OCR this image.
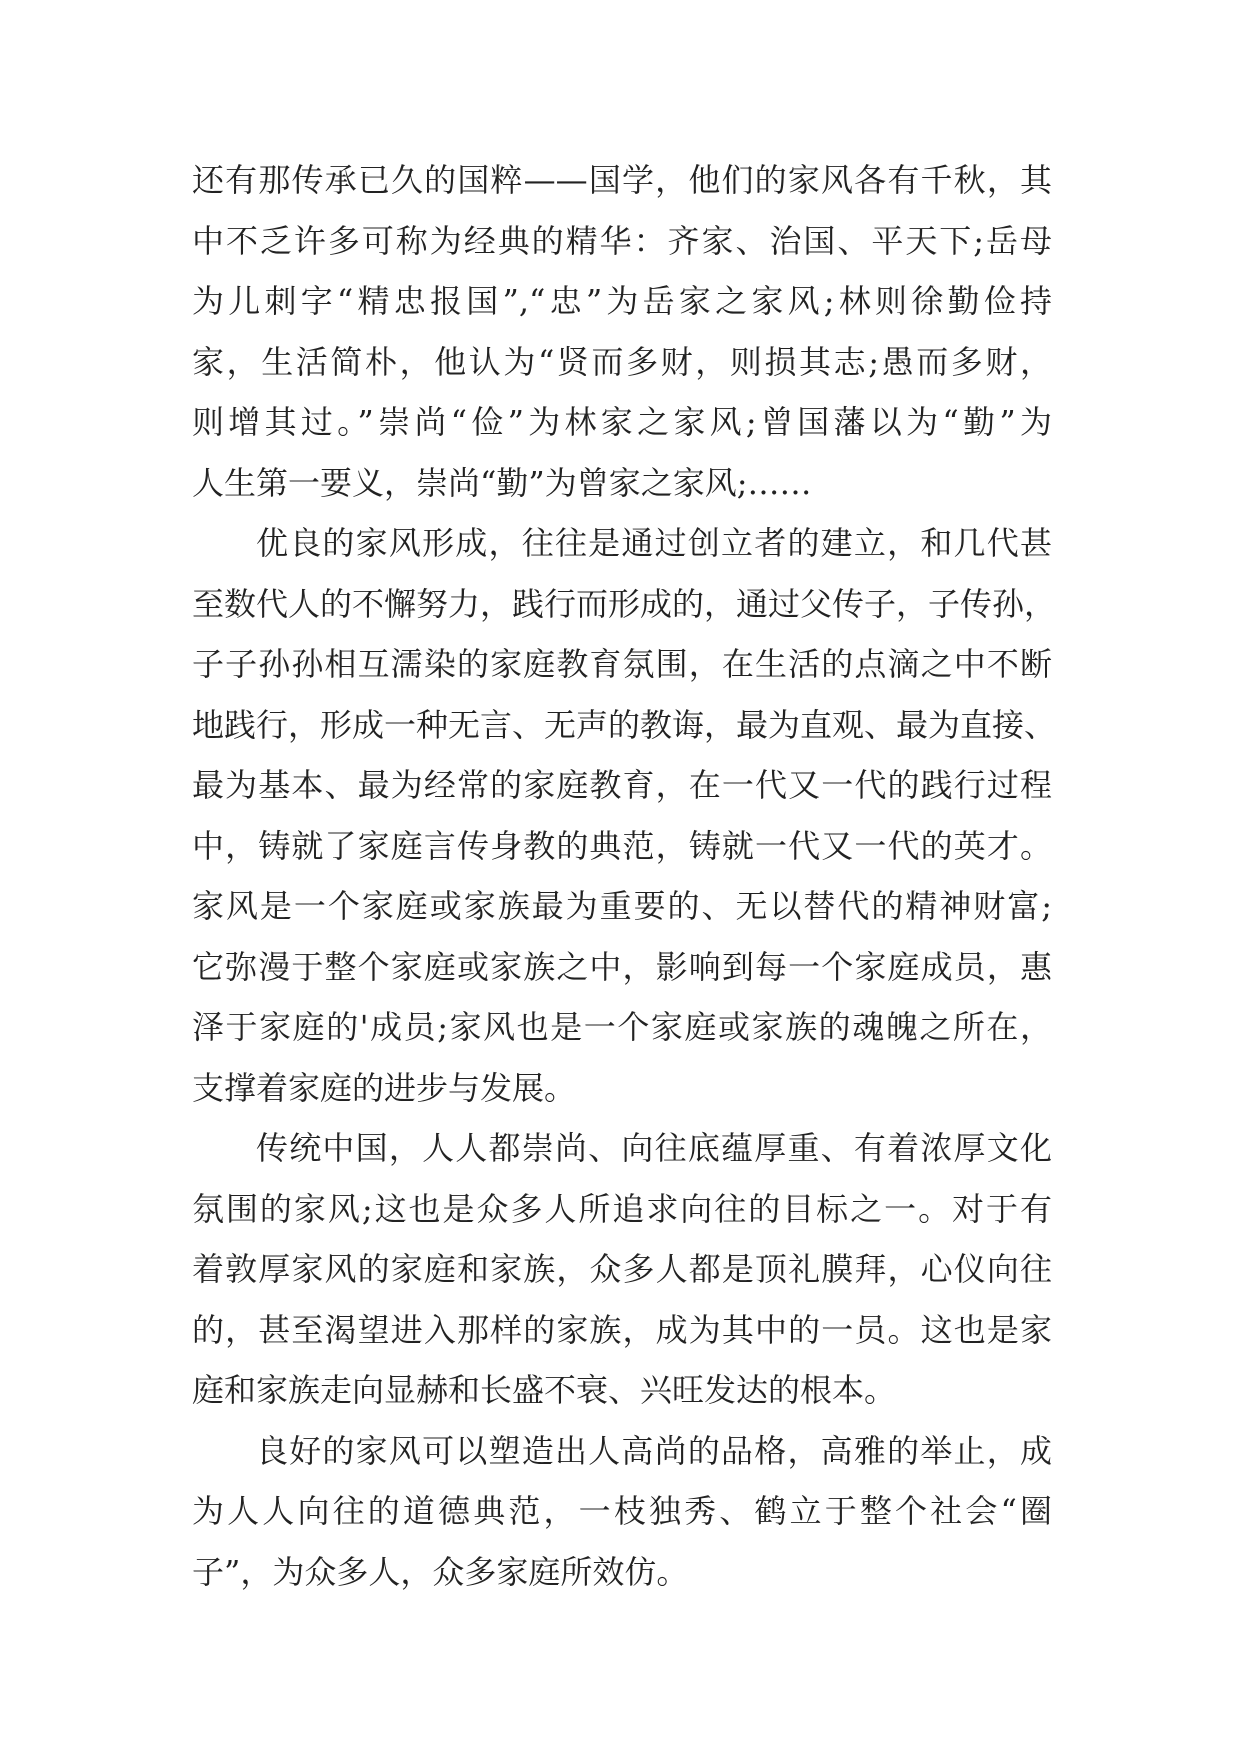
还有那传承已久的国粹——国学，他们的家风各有千秋，其
中不乏许多可称为经典的精华：齐家、治国、平天下;岳母
为儿刺字“精忠报国”,“忠”为岳家之家风;林则徐勤俭持
家，生活简朴，他认为“贤而多财，则损其志;愚而多财，
则增其过。”崇尚“俭”为林家之家风;曾国藩以为“勤”为
人生第一要义，崇尚“勤”为曾家之家风;……
优良的家风形成，往往是通过创立者的建立，和几代甚
至数代人的不懈努力，践行而形成的，通过父传子，子传孙，
子子孙孙相互濡染的家庭教育氛围，在生活的点滴之中不断
地践行，形成一种无言、无声的教诲，最为直观、最为直接、
最为基本、最为经常的家庭教育，在一代又一代的践行过程
中，铸就了家庭言传身教的典范，铸就一代又一代的英才。
家风是一个家庭或家族最为重要的、无以替代的精神财富;
它弥漫于整个家庭或家族之中，影响到每一个家庭成员，惠
泽于家庭的'成员;家风也是一个家庭或家族的魂魄之所在，
支撑着家庭的进步与发展。
传统中国，人人都崇尚、向往底蕴厚重、有着浓厚文化
氛围的家风;这也是众多人所追求向往的目标之一。对于有
着敦厚家风的家庭和家族，众多人都是顶礼膜拜，心仪向往
的，甚至渴望进入那样的家族，成为其中的一员。这也是家
庭和家族走向显赫和长盛不衰、兴旺发达的根本。
良好的家风可以塑造出人高尚的品格，高雅的举止，成
为人人向往的道德典范，一枝独秀、鹤立于整个社会“圈
子”，为众多人，众多家庭所效仿。
